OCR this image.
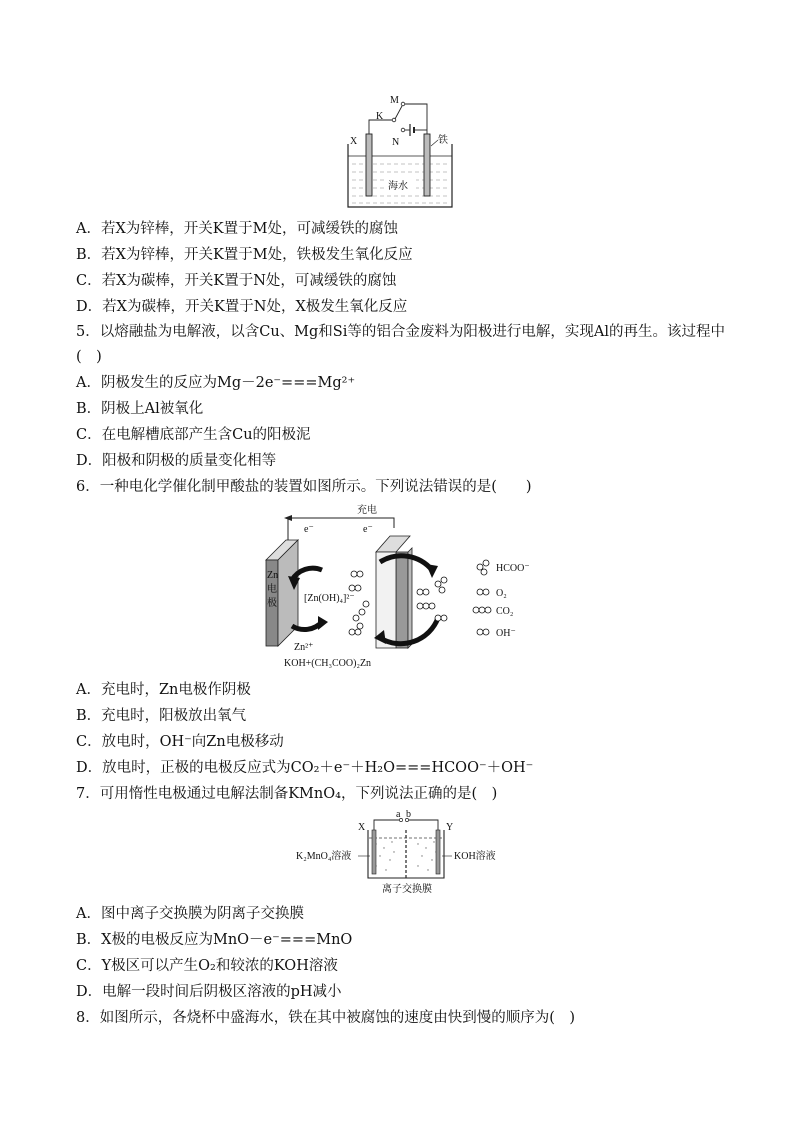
M
K
X	N	铁
海水
A．若X为锌棒，开关K置于M处，可减缓铁的腐蚀
B．若X为锌棒，开关K置于M处，铁极发生氧化反应
C．若X为碳棒，开关K置于N处，可减缓铁的腐蚀
D．若X为碳棒，开关K置于N处，X极发生氧化反应
5．以熔融盐为电解液，以含Cu、Mg和Si等的铝合金废料为阳极进行电解，实现Al的再生。该过程中
(　)
A．阴极发生的反应为Mg－2e⁻===Mg²⁺
B．阴极上Al被氧化
C．在电解槽底部产生含Cu的阳极泥
D．阳极和阴极的质量变化相等
6．一种电化学催化制甲酸盐的装置如图所示。下列说法错误的是(　　)
充电
e⁻	e⁻
Zn
电
极	[Zn(OH)₄]²⁻
Zn²⁺
KOH+(CH₃COO)₂Zn
HCOO⁻
O₂
CO₂
OH⁻
A．充电时，Zn电极作阴极
B．充电时，阳极放出氧气
C．放电时，OH⁻向Zn电极移动
D．放电时，正极的电极反应式为CO₂＋e⁻＋H₂O===HCOO⁻＋OH⁻
7．可用惰性电极通过电解法制备KMnO₄，下列说法正确的是(　)
a b
X	Y
K₂MnO₄溶液	KOH溶液
离子交换膜
A．图中离子交换膜为阴离子交换膜
B．X极的电极反应为MnO－e⁻===MnO
C．Y极区可以产生O₂和较浓的KOH溶液
D．电解一段时间后阴极区溶液的pH减小
8．如图所示，各烧杯中盛海水，铁在其中被腐蚀的速度由快到慢的顺序为(　)
